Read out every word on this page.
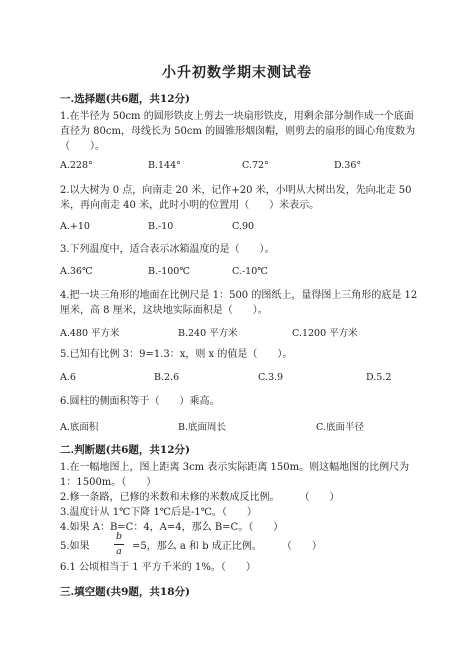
小升初数学期末测试卷
一.选择题(共6题，共12分)
1.在半径为 50cm 的圆形铁皮上剪去一块扇形铁皮，用剩余部分制作成一个底面直径为 80cm，母线长为 50cm 的圆锥形烟囱帽，则剪去的扇形的圆心角度数为（　　）。
A.228°	B.144°	C.72°	D.36°
2.以大树为 0 点，向南走 20 米，记作+20 米，小明从大树出发，先向北走 50 米，再向南走 40 米，此时小明的位置用（　　）米表示。
A.+10	B.-10	C.90
3.下列温度中，适合表示冰箱温度的是（　　）。
A.36℃	B.-100℃	C.-10℃
4.把一块三角形的地面在比例尺是 1：500 的图纸上，量得图上三角形的底是 12 厘米，高 8 厘米，这块地实际面积是（　　）。
A.480 平方米	B.240 平方米	C.1200 平方米
5.已知有比例 3：9=1.3：x，则 x 的值是（　　）。
A.6	B.2.6	C.3.9	D.5.2
6.圆柱的侧面积等于（　　）乘高。
A.底面积	B.底面周长	C.底面半径
二.判断题(共6题，共12分)
1.在一幅地图上，图上距离 3cm 表示实际距离 150m。则这幅地图的比例尺为 1：1500m。（　　）
2.修一条路，已修的米数和未修的米数成反比例。　　　（　　）
3.温度计从 1℃下降 1℃后是-1℃。（　　）
4.如果 A：B=C：4，A=4，那么 B=C。（　　）
5.如果
b
a =5，那么 a 和 b 成正比例。　　　（　　）
6.1 公顷相当于 1 平方千米的 1%。（　　）
三.填空题(共9题，共18分)
